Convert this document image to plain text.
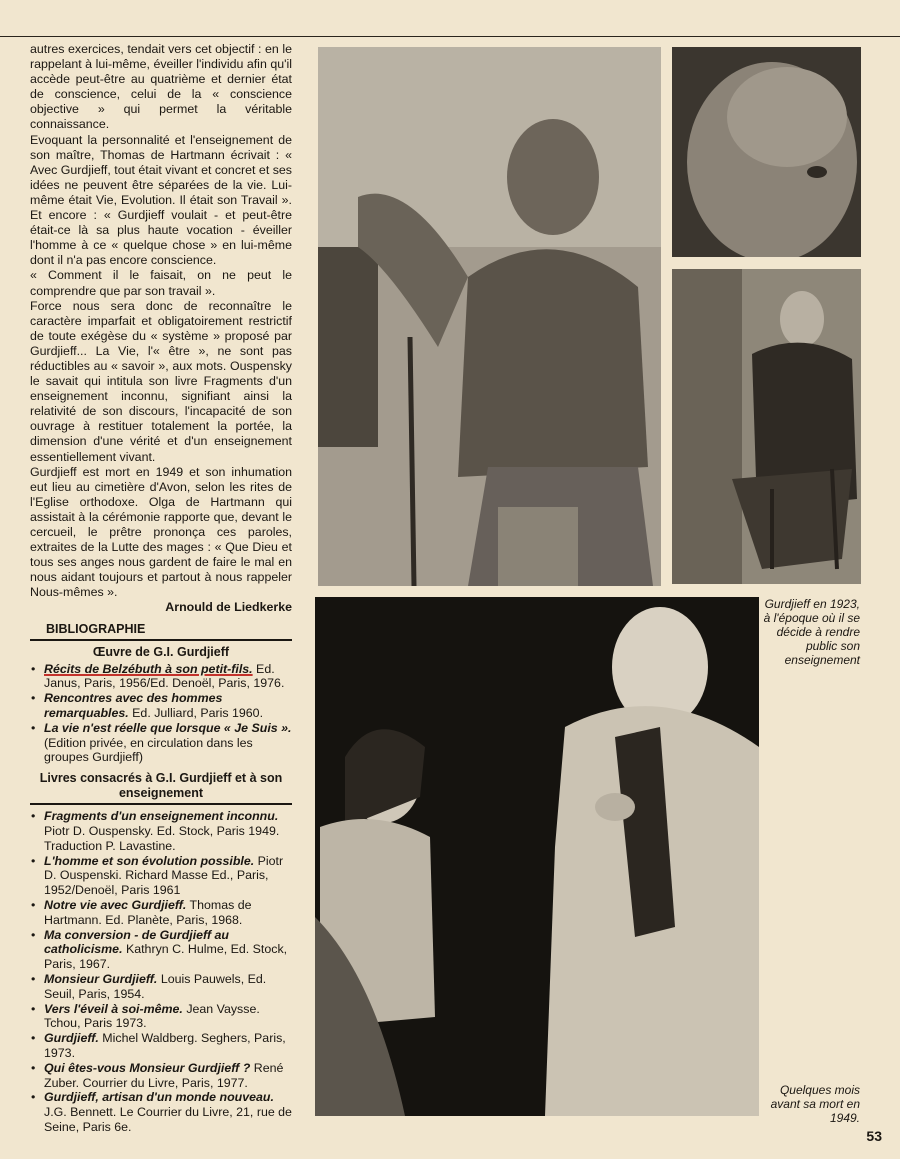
autres exercices, tendait vers cet objectif : en le rappelant à lui-même, éveiller l'individu afin qu'il accède peut-être au quatrième et dernier état de conscience, celui de la « conscience objective » qui permet la véritable connaissance.

Evoquant la personnalité et l'enseignement de son maître, Thomas de Hartmann écrivait : « Avec Gurdjieff, tout était vivant et concret et ses idées ne peuvent être séparées de la vie. Lui-même était Vie, Evolution. Il était son Travail ». Et encore : « Gurdjieff voulait - et peut-être était-ce là sa plus haute vocation - éveiller l'homme à ce « quelque chose » en lui-même dont il n'a pas encore conscience.

« Comment il le faisait, on ne peut le comprendre que par son travail ».

Force nous sera donc de reconnaître le caractère imparfait et obligatoirement restrictif de toute exégèse du « système » proposé par Gurdjieff... La Vie, l'« être », ne sont pas réductibles au « savoir », aux mots. Ouspensky le savait qui intitula son livre Fragments d'un enseignement inconnu, signifiant ainsi la relativité de son discours, l'incapacité de son ouvrage à restituer totalement la portée, la dimension d'une vérité et d'un enseignement essentiellement vivant.

Gurdjieff est mort en 1949 et son inhumation eut lieu au cimetière d'Avon, selon les rites de l'Eglise orthodoxe. Olga de Hartmann qui assistait à la cérémonie rapporte que, devant le cercueil, le prêtre prononça ces paroles, extraites de la Lutte des mages : « Que Dieu et tous ses anges nous gardent de faire le mal en nous aidant toujours et partout à nous rappeler Nous-mêmes ».

Arnould de Liedkerke

BIBLIOGRAPHIE
Œuvre de G.I. Gurdjieff
• Récits de Belzébuth à son petit-fils. Ed. Janus, Paris, 1956/Ed. Denoël, Paris, 1976.
• Rencontres avec des hommes remarquables. Ed. Julliard, Paris 1960.
• La vie n'est réelle que lorsque « Je Suis ». (Edition privée, en circulation dans les groupes Gurdjieff)
Livres consacrés à G.I. Gurdjieff et à son enseignement
• Fragments d'un enseignement inconnu. Piotr D. Ouspensky. Ed. Stock, Paris 1949. Traduction P. Lavastine.
• L'homme et son évolution possible. Piotr D. Ouspenski. Richard Masse Ed., Paris, 1952/Denoël, Paris 1961
• Notre vie avec Gurdjieff. Thomas de Hartmann. Ed. Planète, Paris, 1968.
• Ma conversion - de Gurdjieff au catholicisme. Kathryn C. Hulme, Ed. Stock, Paris, 1967.
• Monsieur Gurdjieff. Louis Pauwels, Ed. Seuil, Paris, 1954.
• Vers l'éveil à soi-même. Jean Vaysse. Tchou, Paris 1973.
• Gurdjieff. Michel Waldberg. Seghers, Paris, 1973.
• Qui êtes-vous Monsieur Gurdjieff ? René Zuber. Courrier du Livre, Paris, 1977.
• Gurdjieff, artisan d'un monde nouveau. J.G. Bennett. Le Courrier du Livre, 21, rue de Seine, Paris 6e.
Gurdjieff en 1923, à l'époque où il se décide à rendre public son enseignement
Quelques mois avant sa mort en 1949.
53
